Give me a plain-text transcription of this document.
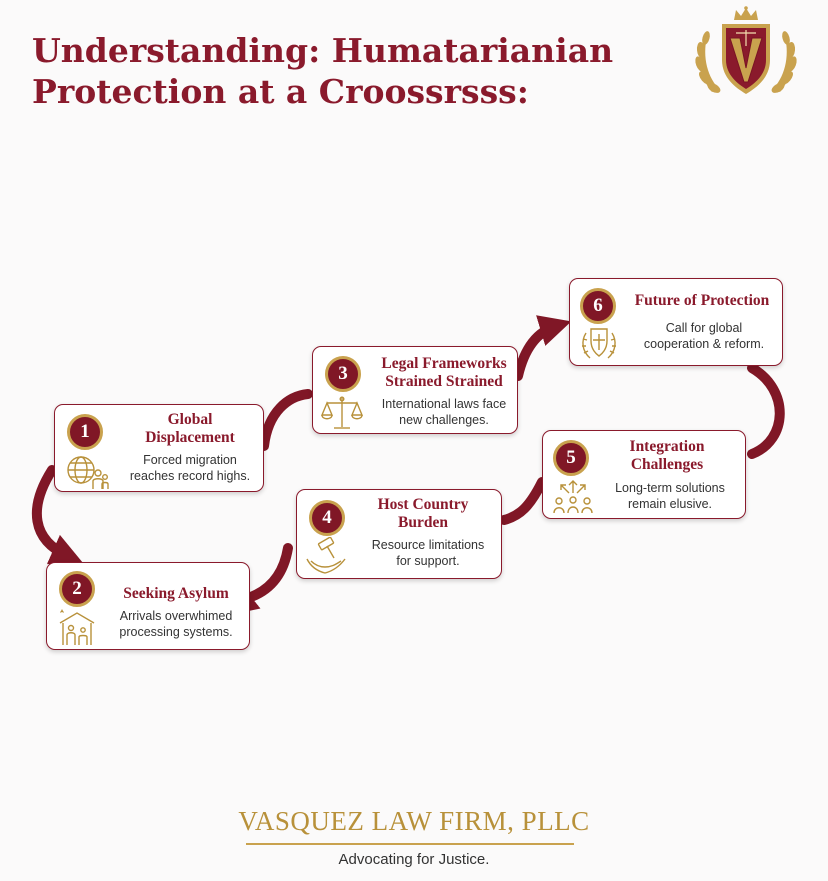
Understanding: Humatarianian
Protection at a Croossrsss:
1
Global
Displacement
Forced migration
reaches record highs.
2	Seeking Asylum
Arrivals overwhimed
processing systems.
3	Legal Frameworks
Strained Strained
International laws face
new challenges.
4
Host Country
Burden
Resource limitations
for support.
5
Integration
Challenges
Long-term solutions
remain elusive.
6	Future of Protection
Call for global
cooperation & reform.
VASQUEZ LAW FIRM, PLLC
Advocating for Justice.
